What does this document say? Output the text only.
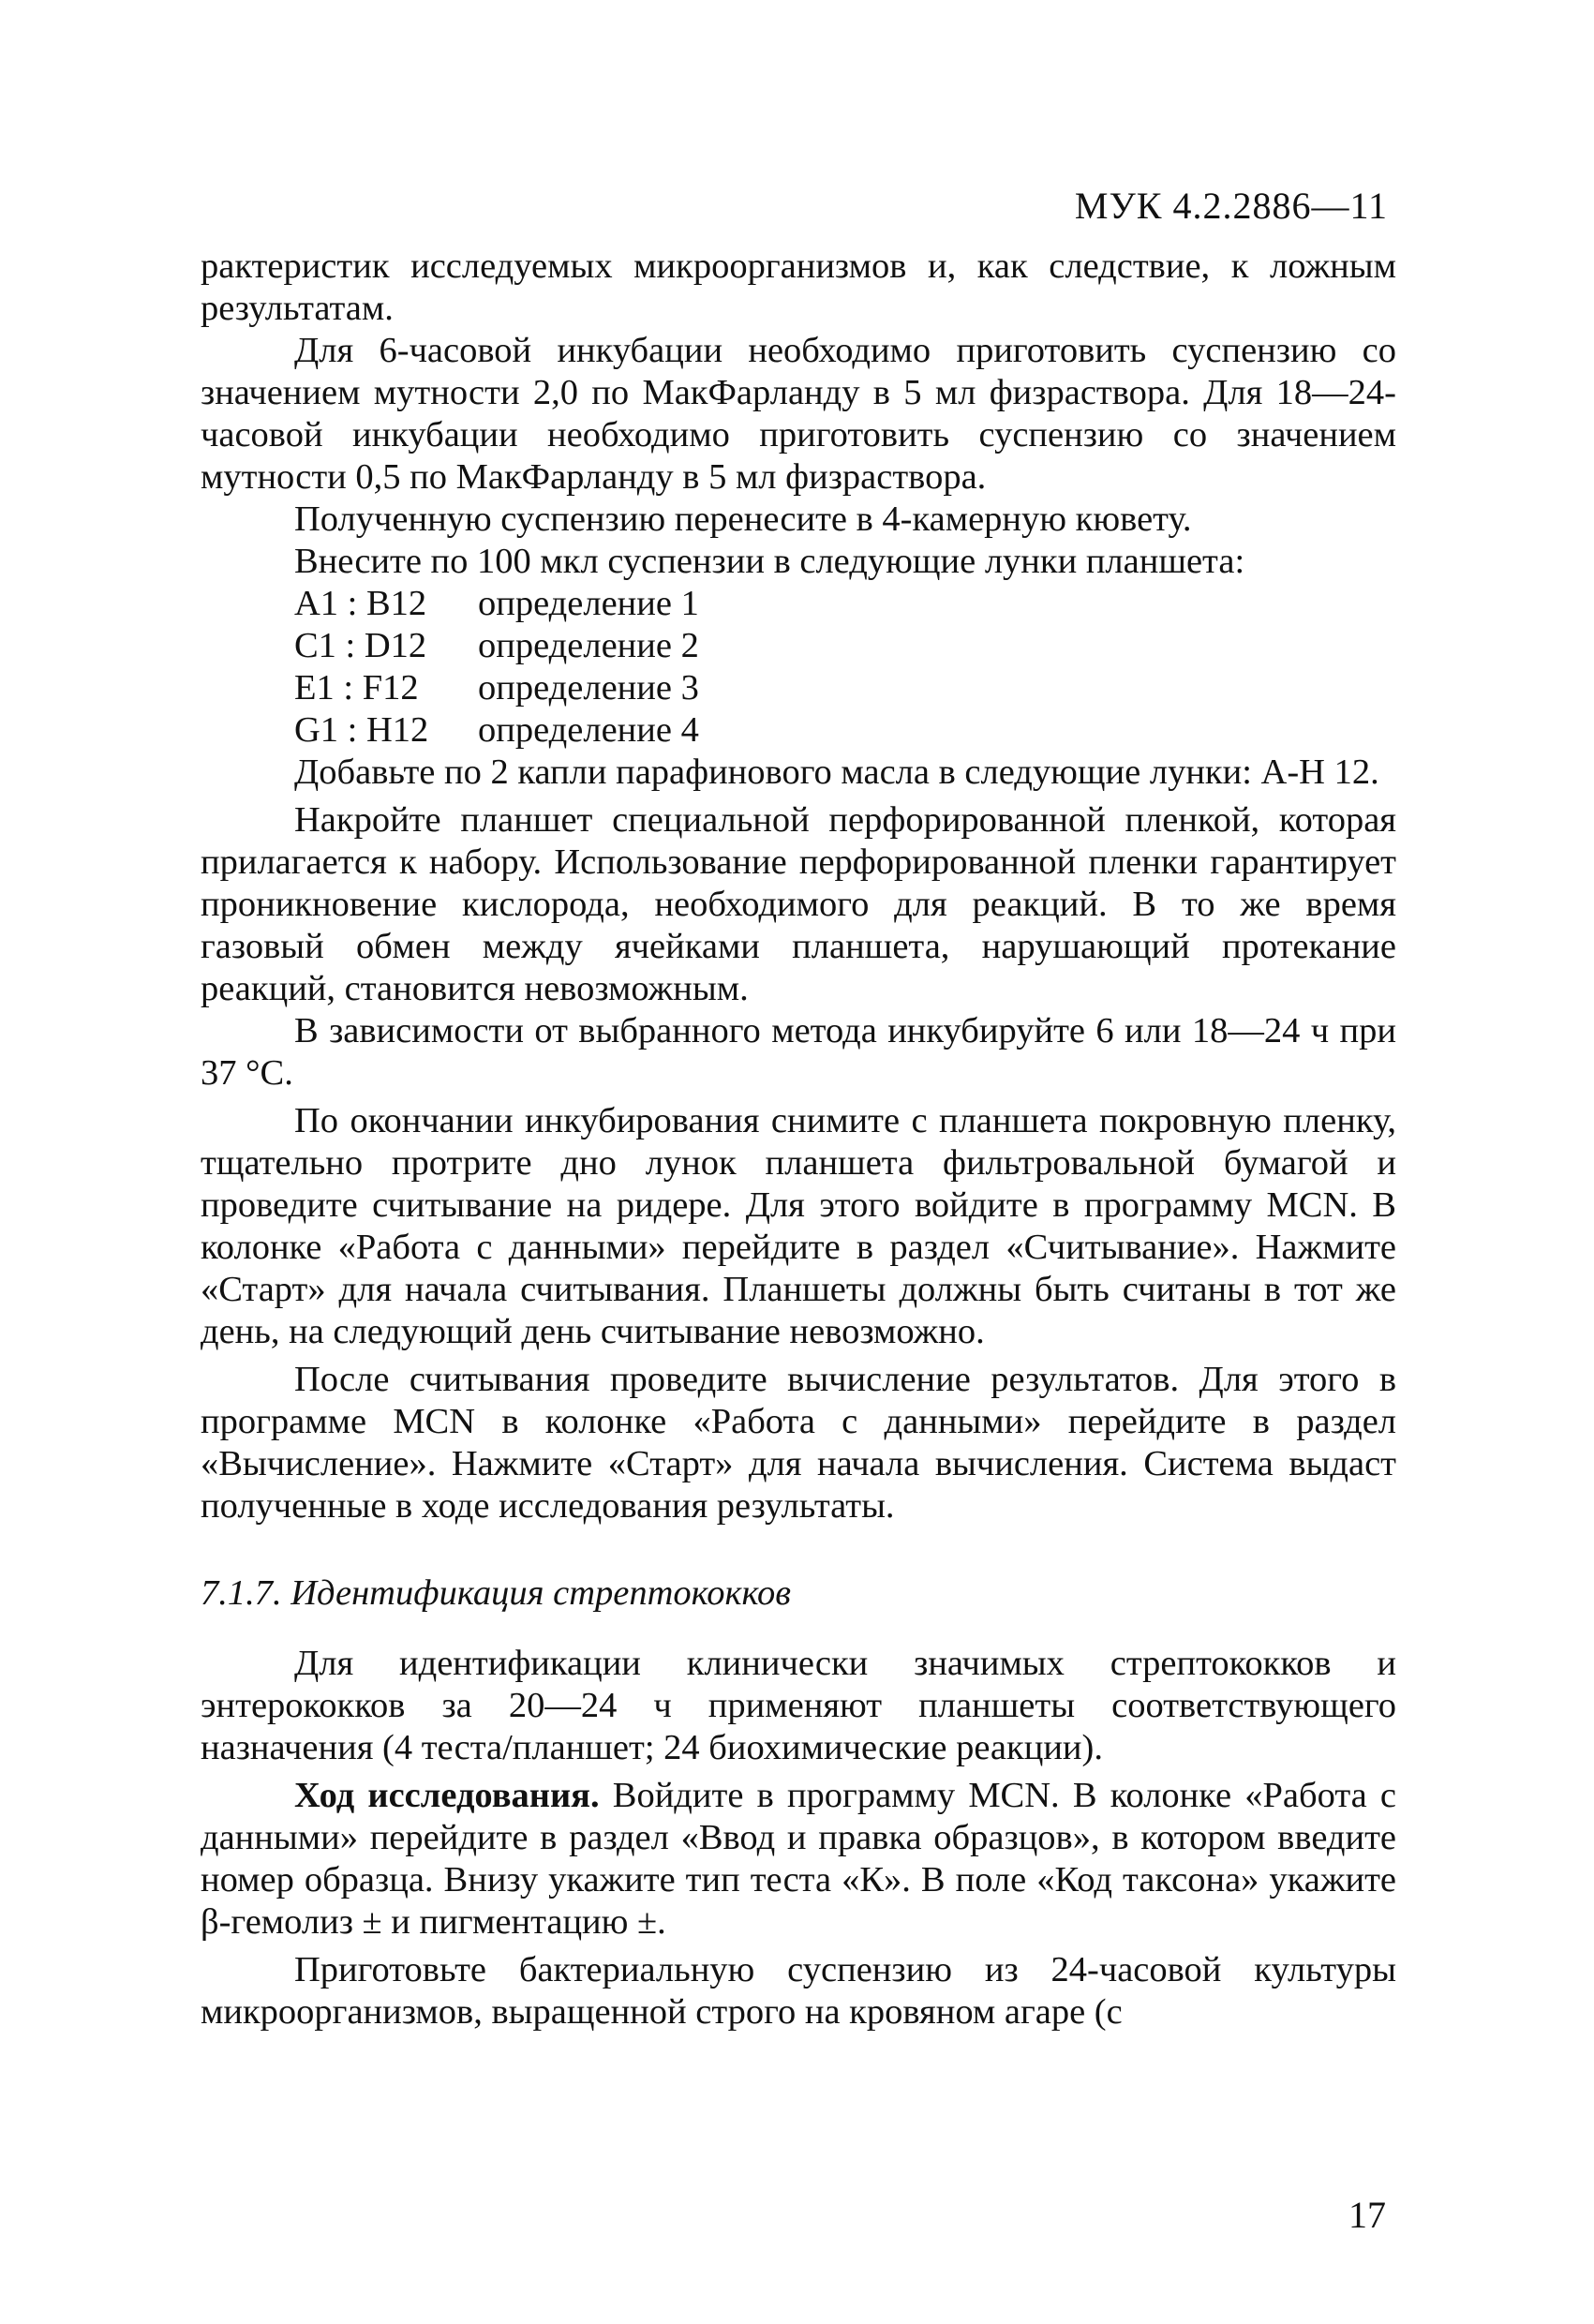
МУК 4.2.2886—11

рактеристик исследуемых микроорганизмов и, как следствие, к ложным результатам.

Для 6-часовой инкубации необходимо приготовить суспензию со значением мутности 2,0 по МакФарланду в 5 мл физраствора. Для 18—24-часовой инкубации необходимо приготовить суспензию со значением мутности 0,5 по МакФарланду в 5 мл физраствора.

Полученную суспензию перенесите в 4-камерную кювету.

Внесите по 100 мкл суспензии в следующие лунки планшета:

A1 : B12	определение 1
C1 : D12	определение 2
E1 : F12	определение 3
G1 : H12	определение 4

Добавьте по 2 капли парафинового масла в следующие лунки: А-Н 12.

Накройте планшет специальной перфорированной пленкой, которая прилагается к набору. Использование перфорированной пленки гарантирует проникновение кислорода, необходимого для реакций. В то же время газовый обмен между ячейками планшета, нарушающий протекание реакций, становится невозможным.

В зависимости от выбранного метода инкубируйте 6 или 18—24 ч при 37 °С.

По окончании инкубирования снимите с планшета покровную пленку, тщательно протрите дно лунок планшета фильтровальной бумагой и проведите считывание на ридере. Для этого войдите в программу MCN. В колонке «Работа с данными» перейдите в раздел «Считывание». Нажмите «Старт» для начала считывания. Планшеты должны быть считаны в тот же день, на следующий день считывание невозможно.

После считывания проведите вычисление результатов. Для этого в программе MCN в колонке «Работа с данными» перейдите в раздел «Вычисление». Нажмите «Старт» для начала вычисления. Система выдаст полученные в ходе исследования результаты.

7.1.7. Идентификация стрептококков

Для идентификации клинически значимых стрептококков и энтерококков за 20—24 ч применяют планшеты соответствующего назначения (4 теста/планшет; 24 биохимические реакции).

Ход исследования. Войдите в программу MCN. В колонке «Работа с данными» перейдите в раздел «Ввод и правка образцов», в котором введите номер образца. Внизу укажите тип теста «К». В поле «Код таксона» укажите β-гемолиз ± и пигментацию ±.

Приготовьте бактериальную суспензию из 24-часовой культуры микроорганизмов, выращенной строго на кровяном агаре (с

17
